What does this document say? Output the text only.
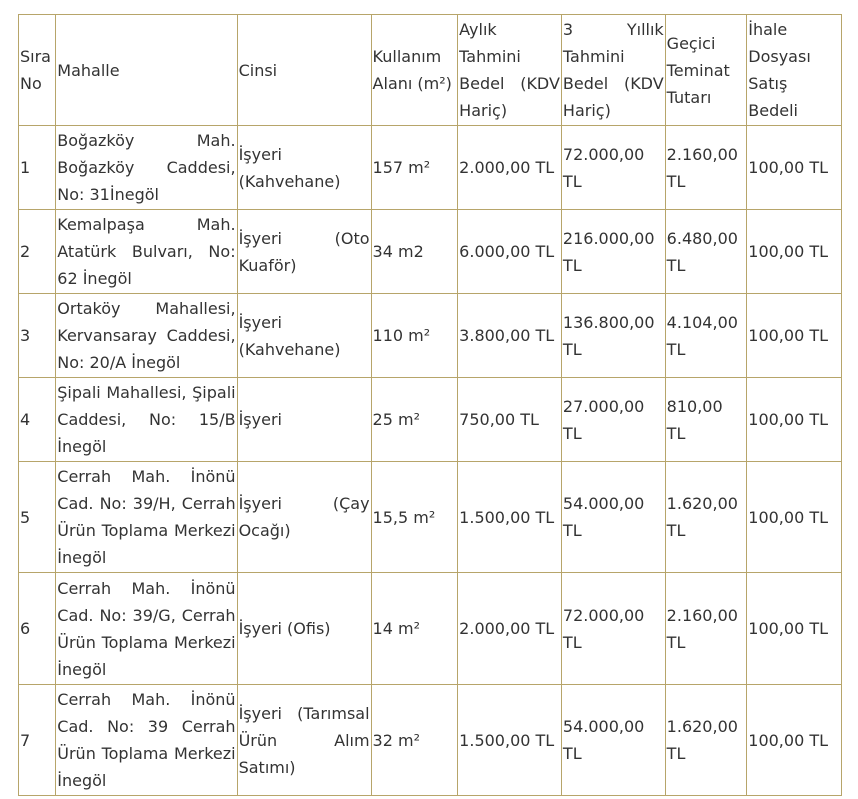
Sıra No	Mahalle	Cinsi	Kullanım Alanı (m²)	Aylık Tahmini Bedel (KDV Hariç)	3 Yıllık Tahmini Bedel (KDV Hariç)	Geçici Teminat Tutarı	İhale Dosyası Satış Bedeli
1	Boğazköy Mah. Boğazköy Caddesi, No: 31İnegöl	İşyeri (Kahvehane)	157 m²	2.000,00 TL	72.000,00 TL	2.160,00 TL	100,00 TL
2	Kemalpaşa Mah. Atatürk Bulvarı, No: 62 İnegöl	İşyeri (Oto Kuaför)	34 m2	6.000,00 TL	216.000,00 TL	6.480,00 TL	100,00 TL
3	Ortaköy Mahallesi, Kervansaray Caddesi, No: 20/A İnegöl	İşyeri (Kahvehane)	110 m²	3.800,00 TL	136.800,00 TL	4.104,00 TL	100,00 TL
4	Şipali Mahallesi, Şipali Caddesi, No: 15/B İnegöl	İşyeri	25 m²	750,00 TL	27.000,00 TL	810,00 TL	100,00 TL
5	Cerrah Mah. İnönü Cad. No: 39/H, Cerrah Ürün Toplama Merkezi İnegöl	İşyeri (Çay Ocağı)	15,5 m²	1.500,00 TL	54.000,00 TL	1.620,00 TL	100,00 TL
6	Cerrah Mah. İnönü Cad. No: 39/G, Cerrah Ürün Toplama Merkezi İnegöl	İşyeri (Ofis)	14 m²	2.000,00 TL	72.000,00 TL	2.160,00 TL	100,00 TL
7	Cerrah Mah. İnönü Cad. No: 39 Cerrah Ürün Toplama Merkezi İnegöl	İşyeri (Tarımsal Ürün Alım Satımı)	32 m²	1.500,00 TL	54.000,00 TL	1.620,00 TL	100,00 TL
